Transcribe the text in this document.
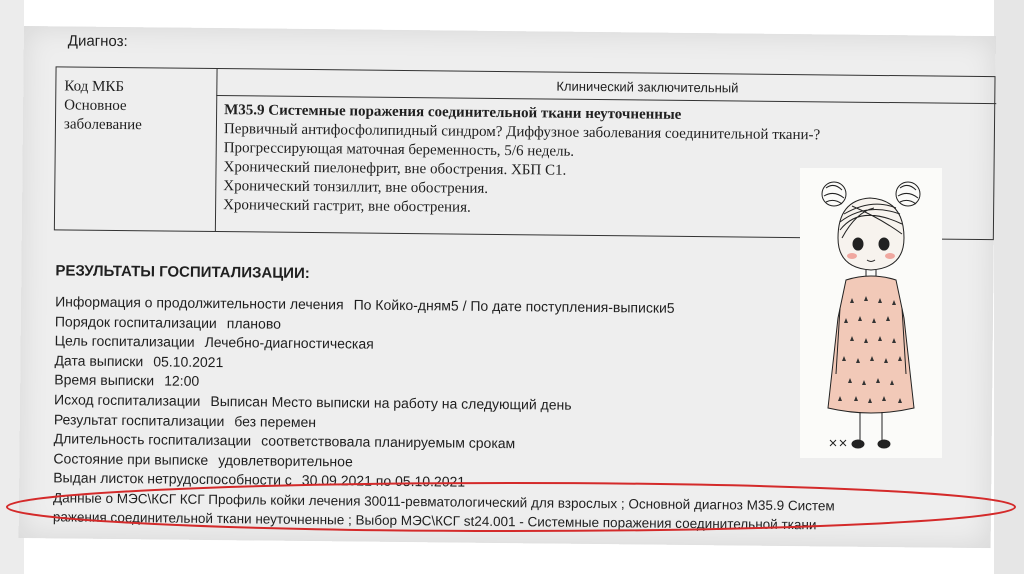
Диагноз:
Клинический заключительный
Код МКБ
Основное
заболевание
М35.9 Системные поражения соединительной ткани неуточненные
Первичный антифосфолипидный синдром? Диффузное заболевания соединительной ткани-?
Прогрессирующая маточная беременность, 5/6 недель.
Хронический пиелонефрит, вне обострения. ХБП С1.
Хронический тонзиллит, вне обострения.
Хронический гастрит, вне обострения.
РЕЗУЛЬТАТЫ ГОСПИТАЛИЗАЦИИ:
Информация о продолжительности лечения По Койко-дням5 / По дате поступления-выписки5
Порядок госпитализации планово
Цель госпитализации Лечебно-диагностическая
Дата выписки 05.10.2021
Время выписки 12:00
Исход госпитализации Выписан Место выписки на работу на следующий день
Результат госпитализации без перемен
Длительность госпитализации соответствовала планируемым срокам
Состояние при выписке удовлетворительное
Выдан листок нетрудоспособности с 30.09.2021 по 05.10.2021
Данные о МЭС\КСГ КСГ Профиль койки лечения 30011-ревматологический для взрослых ; Основной диагноз М35.9 Систем
ражения соединительной ткани неуточненные ; Выбор МЭС\КСГ st24.001 - Системные поражения соединительной ткани
